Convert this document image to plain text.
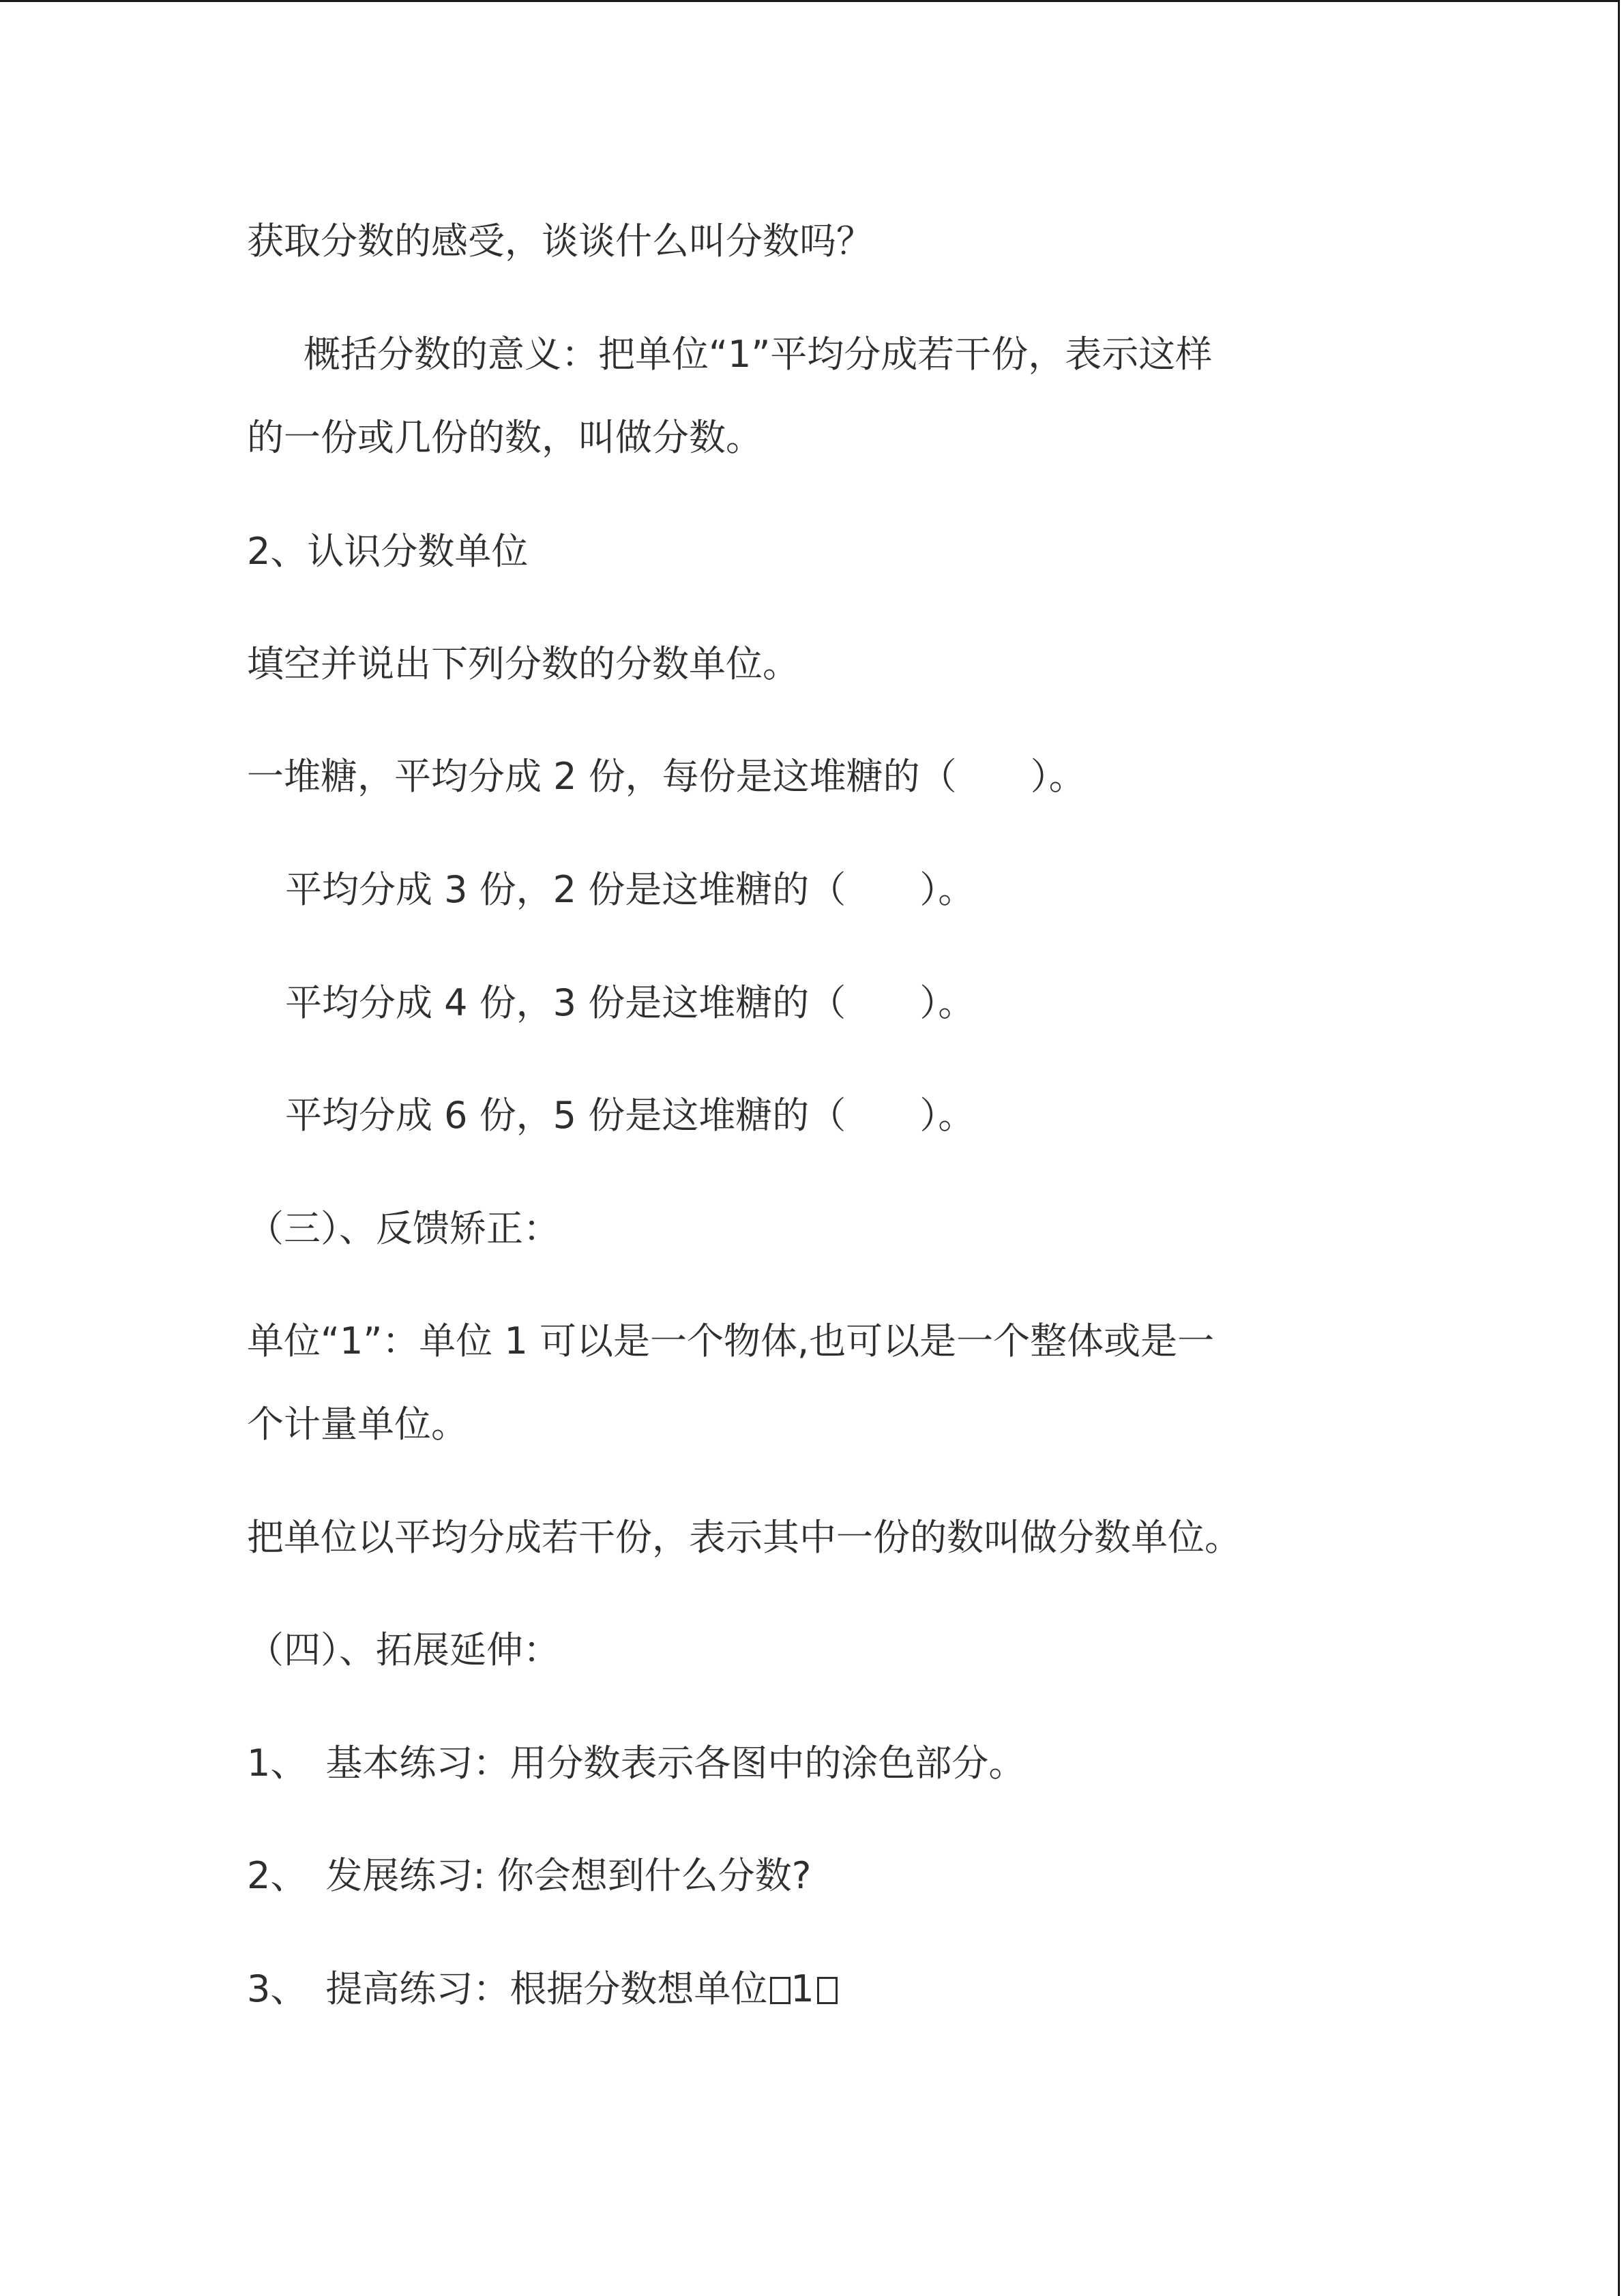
获取分数的感受，谈谈什么叫分数吗？

概括分数的意义：把单位“1”平均分成若干份，表示这样

的一份或几份的数，叫做分数。

2、认识分数单位

填空并说出下列分数的分数单位。

一堆糖，平均分成 2 份，每份是这堆糖的（　　）。

平均分成 3 份，2 份是这堆糖的（　　）。

平均分成 4 份，3 份是这堆糖的（　　）。

平均分成 6 份，5 份是这堆糖的（　　）。

（三）、反馈矫正：

单位“1”：单位 1 可以是一个物体,也可以是一个整体或是一

个计量单位。

把单位以平均分成若干份，表示其中一份的数叫做分数单位。

（四）、拓展延伸：

1、　基本练习：用分数表示各图中的涂色部分。

2、　发展练习: 你会想到什么分数?

3、　提高练习：根据分数想单位 1
